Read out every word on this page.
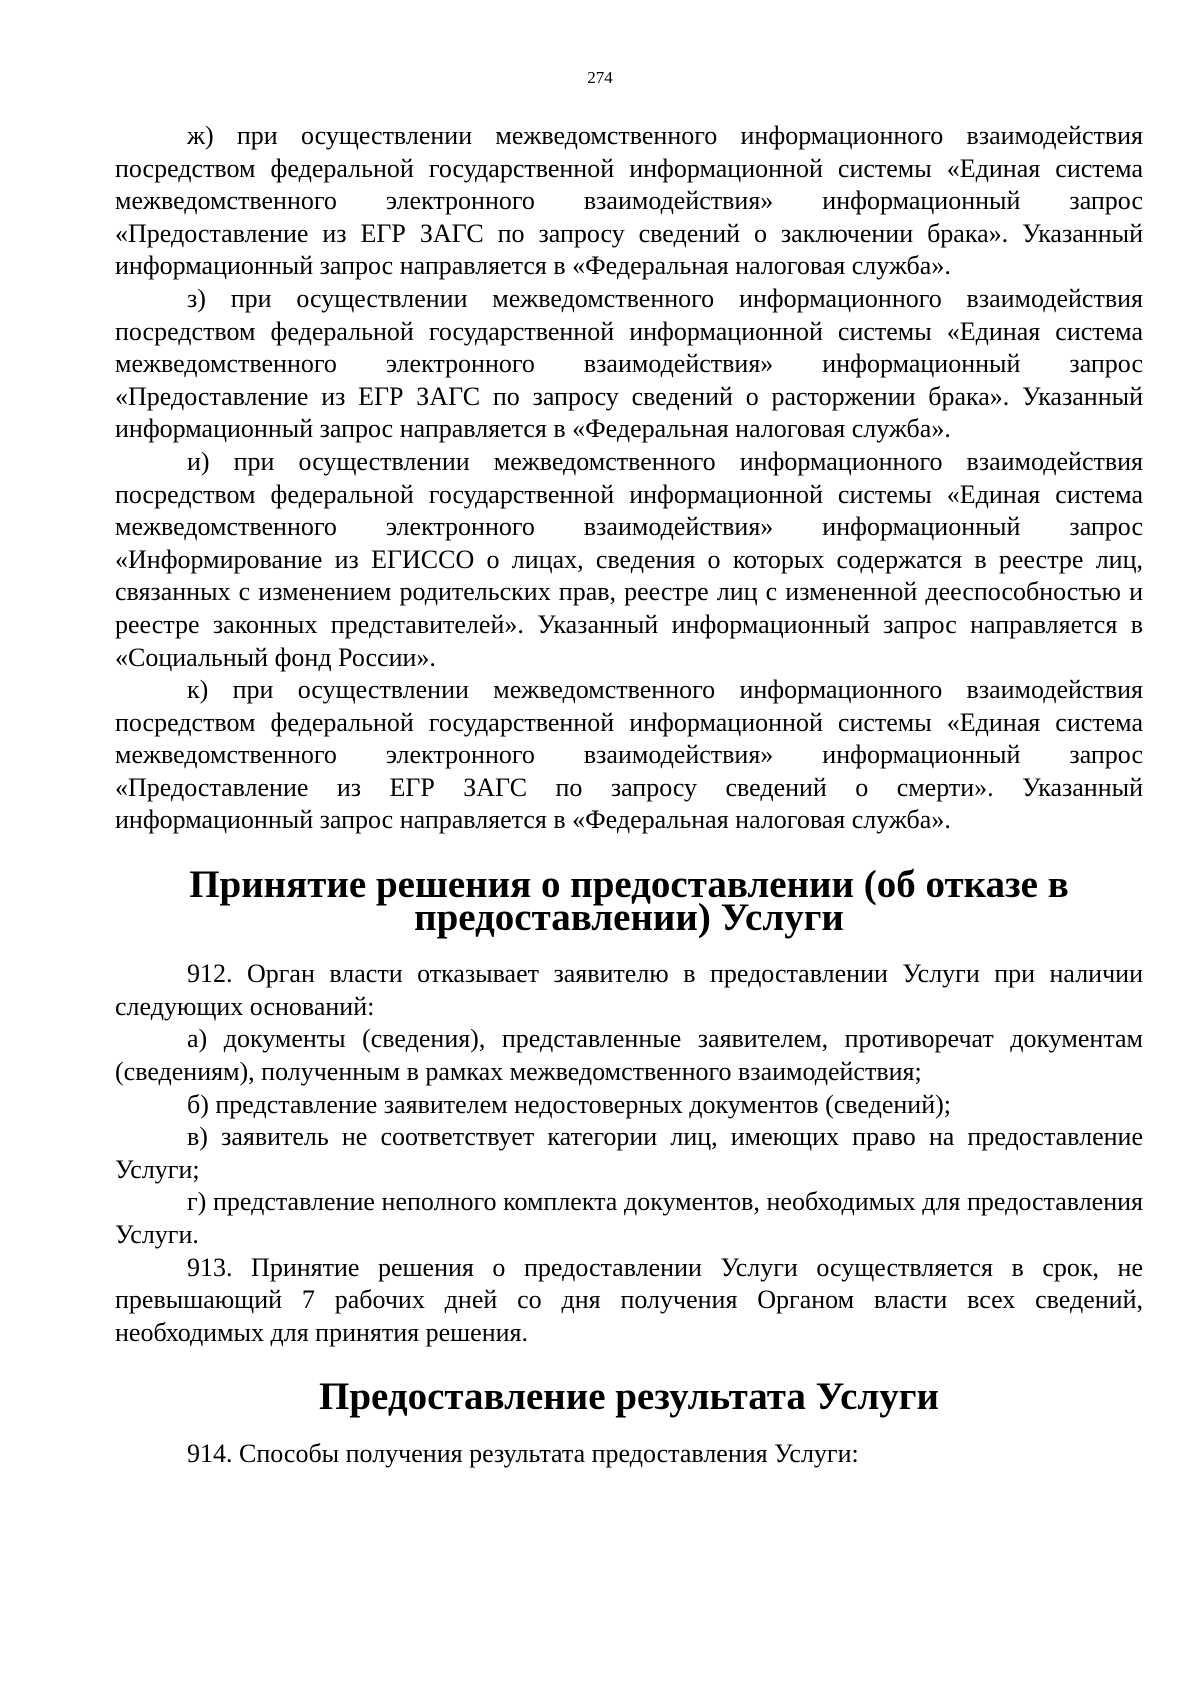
274

ж) при осуществлении межведомственного информационного взаимодействия посредством федеральной государственной информационной системы «Единая система межведомственного электронного взаимодействия» информационный запрос «Предоставление из ЕГР ЗАГС по запросу сведений о заключении брака». Указанный информационный запрос направляется в «Федеральная налоговая служба».

з) при осуществлении межведомственного информационного взаимодействия посредством федеральной государственной информационной системы «Единая система межведомственного электронного взаимодействия» информационный запрос «Предоставление из ЕГР ЗАГС по запросу сведений о расторжении брака». Указанный информационный запрос направляется в «Федеральная налоговая служба».

и) при осуществлении межведомственного информационного взаимодействия посредством федеральной государственной информационной системы «Единая система межведомственного электронного взаимодействия» информационный запрос «Информирование из ЕГИССО о лицах, сведения о которых содержатся в реестре лиц, связанных с изменением родительских прав, реестре лиц с измененной дееспособностью и реестре законных представителей». Указанный информационный запрос направляется в «Социальный фонд России».

к) при осуществлении межведомственного информационного взаимодействия посредством федеральной государственной информационной системы «Единая система межведомственного электронного взаимодействия» информационный запрос «Предоставление из ЕГР ЗАГС по запросу сведений о смерти». Указанный информационный запрос направляется в «Федеральная налоговая служба».

Принятие решения о предоставлении (об отказе в предоставлении) Услуги

912. Орган власти отказывает заявителю в предоставлении Услуги при наличии следующих оснований:

а) документы (сведения), представленные заявителем, противоречат документам (сведениям), полученным в рамках межведомственного взаимодействия;

б) представление заявителем недостоверных документов (сведений);

в) заявитель не соответствует категории лиц, имеющих право на предоставление Услуги;

г) представление неполного комплекта документов, необходимых для предоставления Услуги.

913. Принятие решения о предоставлении Услуги осуществляется в срок, не превышающий 7 рабочих дней со дня получения Органом власти всех сведений, необходимых для принятия решения.

Предоставление результата Услуги

914. Способы получения результата предоставления Услуги:
